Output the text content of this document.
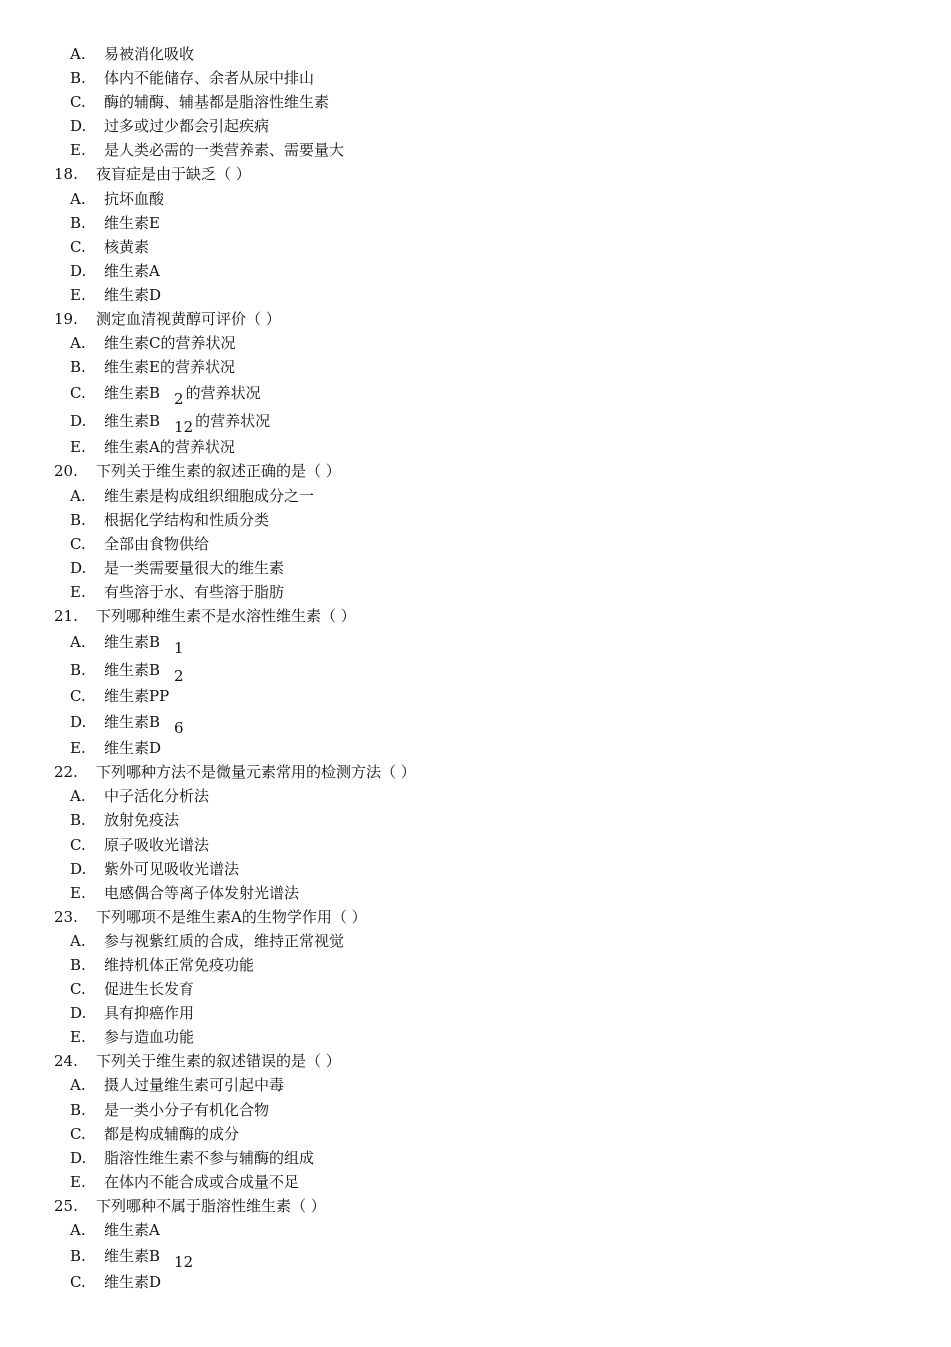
A. 易被消化吸收
B. 体内不能储存、余者从尿中排山
C. 酶的辅酶、辅基都是脂溶性维生素
D. 过多或过少都会引起疾病
E. 是人类必需的一类营养素、需要量大
18. 夜盲症是由于缺乏（ ）
A. 抗坏血酸
B. 维生素E
C. 核黄素
D. 维生素A
E. 维生素D
19. 测定血清视黄醇可评价（ ）
A. 维生素C的营养状况
B. 维生素E的营养状况
C. 维生素B 2 的营养状况
D. 维生素B 12 的营养状况
E. 维生素A的营养状况
20. 下列关于维生素的叙述正确的是（ ）
A. 维生素是构成组织细胞成分之一
B. 根据化学结构和性质分类
C. 全部由食物供给
D. 是一类需要量很大的维生素
E. 有些溶于水、有些溶于脂肪
21. 下列哪种维生素不是水溶性维生素（ ）
A. 维生素B 1
B. 维生素B 2
C. 维生素PP
D. 维生素B 6
E. 维生素D
22. 下列哪种方法不是微量元素常用的检测方法（ ）
A. 中子活化分析法
B. 放射免疫法
C. 原子吸收光谱法
D. 紫外可见吸收光谱法
E. 电感偶合等离子体发射光谱法
23. 下列哪项不是维生素A的生物学作用（ ）
A. 参与视紫红质的合成，维持正常视觉
B. 维持机体正常免疫功能
C. 促进生长发育
D. 具有抑癌作用
E. 参与造血功能
24. 下列关于维生素的叙述错误的是（ ）
A. 摄人过量维生素可引起中毒
B. 是一类小分子有机化合物
C. 都是构成辅酶的成分
D. 脂溶性维生素不参与辅酶的组成
E. 在体内不能合成或合成量不足
25. 下列哪种不属于脂溶性维生素（ ）
A. 维生素A
B. 维生素B 12
C. 维生素D
